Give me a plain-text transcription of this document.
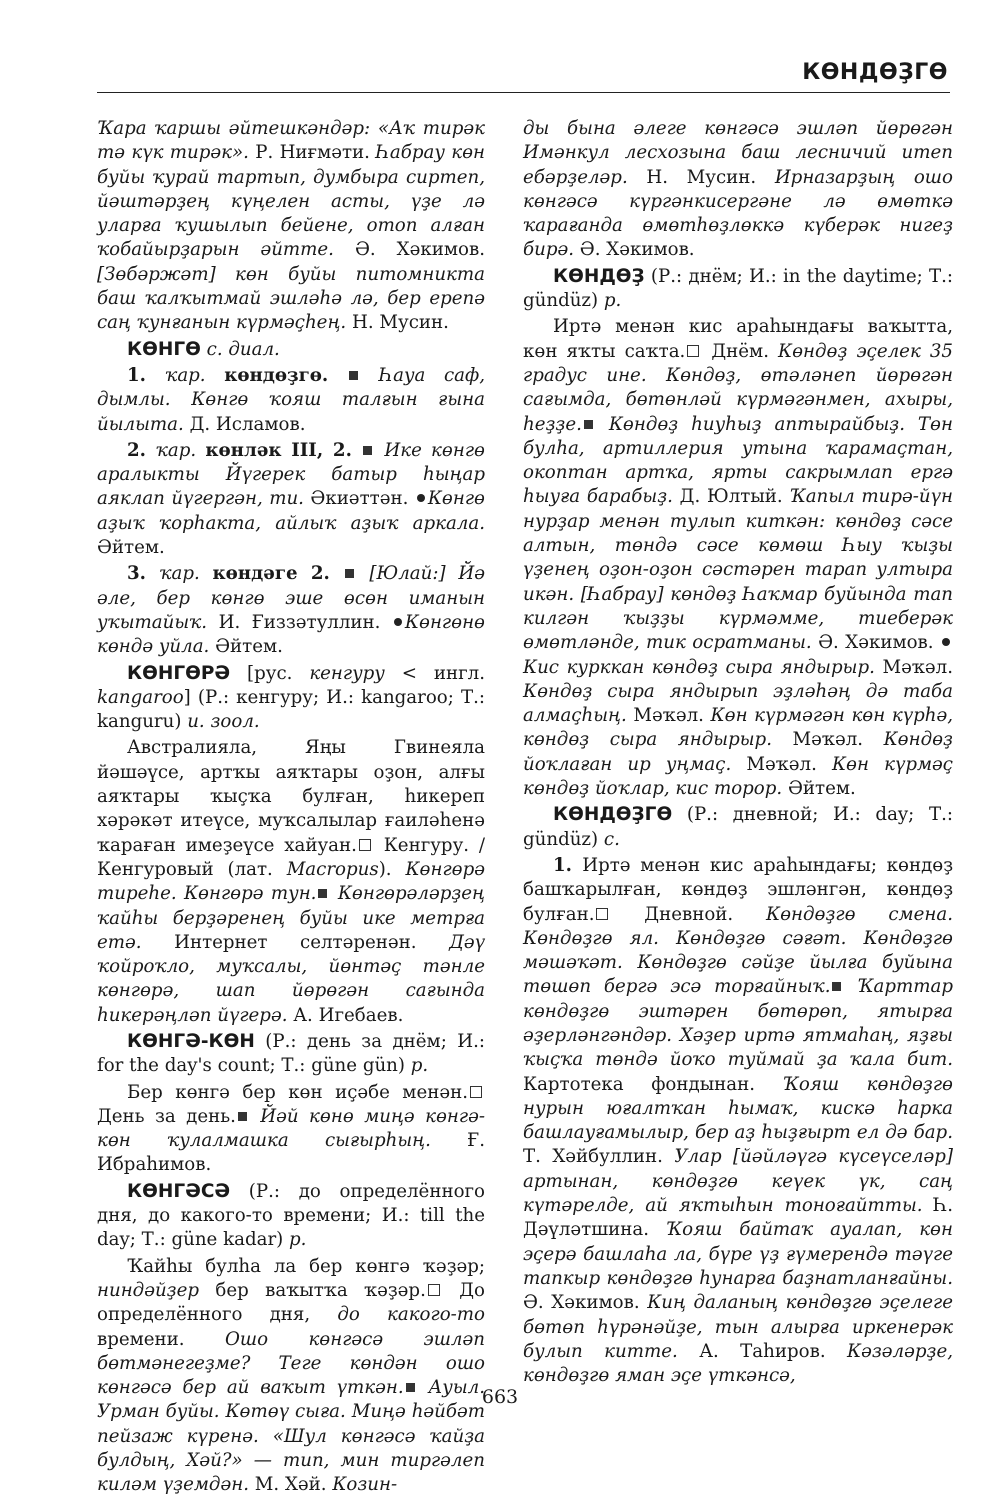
КӨНДӨҘГӨ

Ҡара ҡаршы әйтешкәндәр: «Аҡ тирәк тә күк тирәк». Р. Ниғмәти. Һабрау көн буйы ҡурай тартып, думбыра сиртеп, йәштәрҙең күңелен асты, үҙе лә уларға ҡушылып бейене, отоп алған ҡобайырҙарын әйтте. Ә. Хәкимов. [Зөбәржәт] көн буйы питомникта баш ҡалҡытмай эшләһә лә, бер ерenә саң ҡунғанын күрмәҫһең. Н. Мусин.

КӨНГӨ с. диал.

1. ҡар. көндөҙгө.  Һауа саф, дымлы. Көнгө ҡояш талғын ғына йылыта. Д. Исламов.

2. ҡар. көнләк III, 2.  Ике көнгө аралыкты Йүгерек батыр һыңар аяклап йүгергән, ти. Әкиәттән. Көнгө аҙыҡ ҡорһакта, айлыҡ аҙыҡ аркала. Әйтем.

3. ҡар. көндәге 2.  [Юлай:] Йә әле, бер көнгө эше өсөн иманын уҡытайыҡ. И. Ғиззәтуллин. Көнгөнө көндә уйла. Әйтем.

КӨНГӨРӘ [рус. кенгуру < ингл. kangaroo] (Р.: кенгуру; И.: kangaroo; Т.: kanguru) и. зоол.

Австралияла, Яңы Гвинеяла йәшәүсе, артҡы аяҡтары оҙон, алғы аяҡтары ҡыҫҡа булған, һикереп хәрәкәт итеүсе, муҡсалылар ғаиләһенә ҡараған имеҙеүсе хайуан. Кенгуру. / Кенгуровый (лат. Macropus). Көнгөрә тиреһе. Көнгөрә тун. Көнгөрәләрҙең ҡайһы берҙәренең буйы ике метрға етә. Интернет селтәренән. Дәү ҡойроҡло, муҡсалы, йөнтәҫ тәнле көнгөрә, шап йөрөгән сағында һикерәңләп йүгерә. А. Игебаев.

КӨНГӘ-КӨН (Р.: день за днём; И.: for the day's count; Т.: güne gün) р.

Бер көнгә бер көн иҫәбе менән. День за день. Йәй көнө миңә көнгә-көн ҡулалмашка сығырһың. Ғ. Ибраһимов.

КӨНГӘСӘ (Р.: до определённого дня, до какого-то времени; И.: till the day; Т.: güne kadar) р.

Ҡайһы булһа ла бер көнгә ҡәҙәр; ниндәйҙер бер ваҡытҡа ҡәҙәр. До определённого дня, до какого-то времени. Ошо көнгәсә эшләп бөтмәнегеҙме? Теге көндән ошо көнгәсә бер ай ваҡыт үткән. Ауыл. Урман буйы. Көтөү сыға. Миңә һәйбәт пейзаж күренә. «Шул көнгәсә ҡайҙа булдың, Хәй?» — тип, мин тиргәлеп киләм үҙемдән. М. Хәй. Козин-

ды бына әлеге көнгәсә эшләп йөрөгән Имәнкул лесхозына баш лесничий итеп ебәрҙеләр. Н. Мусин. Ирназарҙың ошо көнгәсә күргәнкисергәне лә өмөткә ҡарағанда өмөтһөҙлөккә күберәк нигеҙ бирә. Ә. Хәкимов.

КӨНДӨҘ (Р.: днём; И.: in the daytime; Т.: gündüz) р.

Иртә менән кис араһындағы ваҡытта, көн яҡты саҡта. Днём. Көндөҙ эҫелек 35 градус ине. Көндөҙ, өтәләнеп йөрөгән сағымда, бөтөнләй күрмәгәнмен, ахыры, һеҙҙе. Көндөҙ һиуһыҙ аптырайбыҙ. Төн булһа, артиллерия утына ҡарамаҫтан, окоптан артҡа, ярты сакрымлап ергә һыуға барабыҙ. Д. Юлтый. Ҡапыл тирә-йүн нурҙар менән тулып киткән: көндөҙ сәсе алтын, төндә сәсе көмөш Һыу ҡыҙы үҙенең оҙон-оҙон сәстәрен тарап ултыра икән. [Һабрау] көндөҙ Һаҡмар буйында тап килгән ҡыҙҙы күрмәмме, тиеберәк өмөтләндe, тик осратманы. Ә. Хәкимов. Кис курккан көндөҙ сыра яндырыр. Мәҡәл. Көндөҙ сыра яндырып эҙләһәң дә таба алмаҫһың. Мәҡәл. Көн күрмәгән көн күрһә, көндөҙ сыра яндырыр. Мәҡәл. Көндөҙ йоҡлаған ир уңмаҫ. Мәҡәл. Көн күрмәҫ көндөҙ йоҡлар, кис торор. Әйтем.

КӨНДӨҘГӨ (Р.: дневной; И.: day; Т.: gündüz) с.

1. Иртә менән кис араһындағы; көндөҙ башҡарылған, көндөҙ эшләнгән, көндөҙ булған. Дневной. Көндөҙгө смена. Көндөҙгө ял. Көндөҙгө сәғәт. Көндөҙгө мәшәҡәт. Көндөҙгө сәйҙе йылға буйына төшөп бергә эсә торғайныҡ. Ҡарттар көндөҙгө эштәрен бөтөрөп, ятырға әҙерләнгәндәр. Хәҙер иртә ятмаһаң, яҙғы ҡыҫҡа төндә йоҡо туймай ҙа ҡала бит. Картотека фондынан. Ҡояш көндөҙгө нурын юғалтҡан һымаҡ, кискә һарка башлауғамылыр, бер аҙ һыҙғырт ел дә бар. Т. Хәйбуллин. Улар [йәйләүгә күсеүселәр] артынан, көндөҙгө кеүек үк, саң күтәрелдe, ай яҡтыһын тоноғайтты. Һ. Дәүләтшина. Ҡояш байтаҡ ауалап, көн эҫерә башлаһа ла, бүре үҙ ғүмерендә тәүге тапкыр көндөҙгө һунарға баҙнатланғайны. Ә. Хәкимов. Киң даланың көндөҙгө эҫелеге бөтөп һүрәнәйҙе, тын алырға иркенерәк булып китте. А. Таһиров. Кәзәләрҙе, көндөҙгө яман эҫе үткәнсә,

663
